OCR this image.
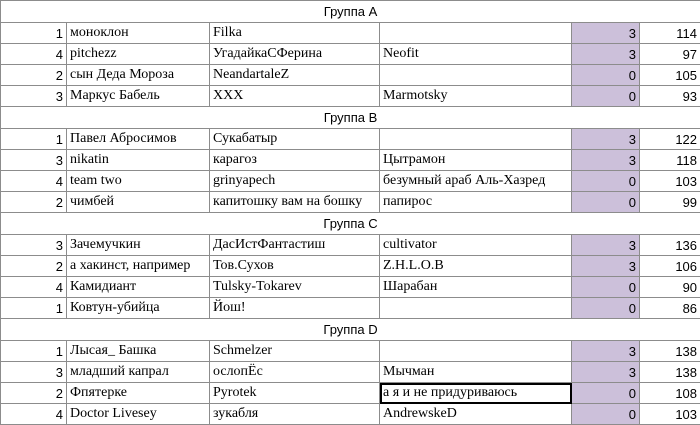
Группа А					
1	моноклон	Filka		3	114
4	pitchezz	УгадайкаСФерина	Neofit	3	97
2	сын Деда Мороза	NeandartaleZ		0	105
3	Маркус Бабель	XXX	Marmotsky	0	93
Группа В					
1	Павел Абросимов	Сукабатыр		3	122
3	nikatin	карагоз	Цытрамон	3	118
4	team two	grinyapech	безумный араб Аль-Хазред	0	103
2	чимбей	капитошку вам на бошку	папирос	0	99
Группа С					
3	Зачемучкин	ДасИстФантастиш	cultivator	3	136
2	а хакинст, например	Тов.Сухов	Z.H.L.O.B	3	106
4	Камидиант	Tulsky-Tokarev	Шарабан	0	90
1	Ковтун-убийца	Йош!		0	86
Группа D					
1	Лысая_ Башка	Schmelzer		3	138
3	младший капрал	ослопЁс	Мычман	3	138
2	Фпятерке	Pyrotek	а я и не придуриваюсь	0	108
4	Doctor Livesey	зукабля	AndrewskeD	0	103
